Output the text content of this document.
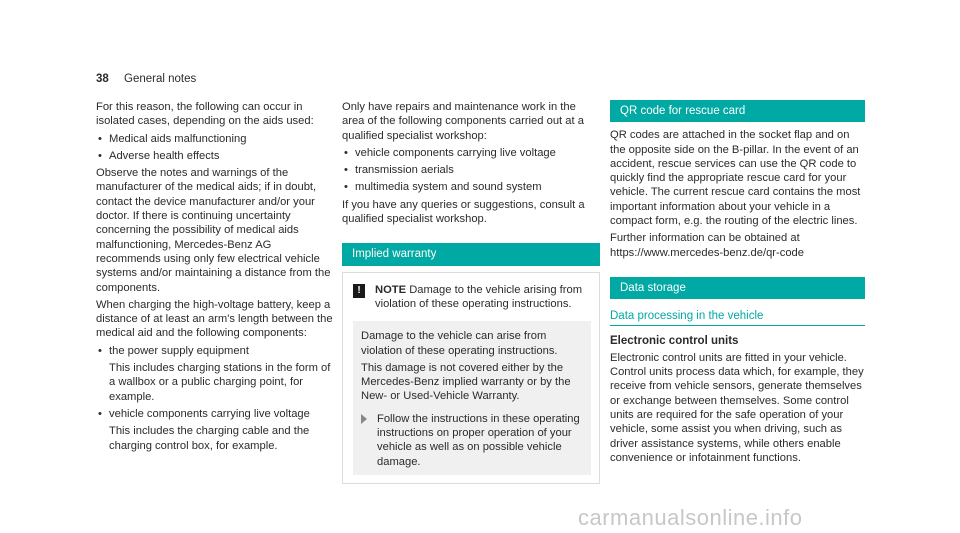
38 General notes

For this reason, the following can occur in isolated cases, depending on the aids used:

• Medical aids malfunctioning
• Adverse health effects

Observe the notes and warnings of the manufacturer of the medical aids; if in doubt, contact the device manufacturer and/or your doctor. If there is continuing uncertainty concerning the possibility of medical aids malfunctioning, Mercedes-Benz AG recommends using only few electrical vehicle systems and/or maintaining a distance from the components.

When charging the high-voltage battery, keep a distance of at least an arm's length between the medical aid and the following components:

• the power supply equipment
This includes charging stations in the form of a wallbox or a public charging point, for example.
• vehicle components carrying live voltage
This includes the charging cable and the charging control box, for example.

Only have repairs and maintenance work in the area of the following components carried out at a qualified specialist workshop:

• vehicle components carrying live voltage
• transmission aerials
• multimedia system and sound system

If you have any queries or suggestions, consult a qualified specialist workshop.

Implied warranty
!	NOTE Damage to the vehicle arising from violation of these operating instructions.

Damage to the vehicle can arise from violation of these operating instructions.

This damage is not covered either by the Mercedes-Benz implied warranty or by the New- or Used-Vehicle Warranty.

Follow the instructions in these operating instructions on proper operation of your vehicle as well as on possible vehicle damage.
QR code for rescue card

QR codes are attached in the socket flap and on the opposite side on the B-pillar. In the event of an accident, rescue services can use the QR code to quickly find the appropriate rescue card for your vehicle. The current rescue card contains the most important information about your vehicle in a compact form, e.g. the routing of the electric lines.

Further information can be obtained at https://www.mercedes-benz.de/qr-code

Data storage
Data processing in the vehicle

Electronic control units

Electronic control units are fitted in your vehicle. Control units process data which, for example, they receive from vehicle sensors, generate themselves or exchange between themselves. Some control units are required for the safe operation of your vehicle, some assist you when driving, such as driver assistance systems, while others enable convenience or infotainment functions.

carmanualsonline.info
